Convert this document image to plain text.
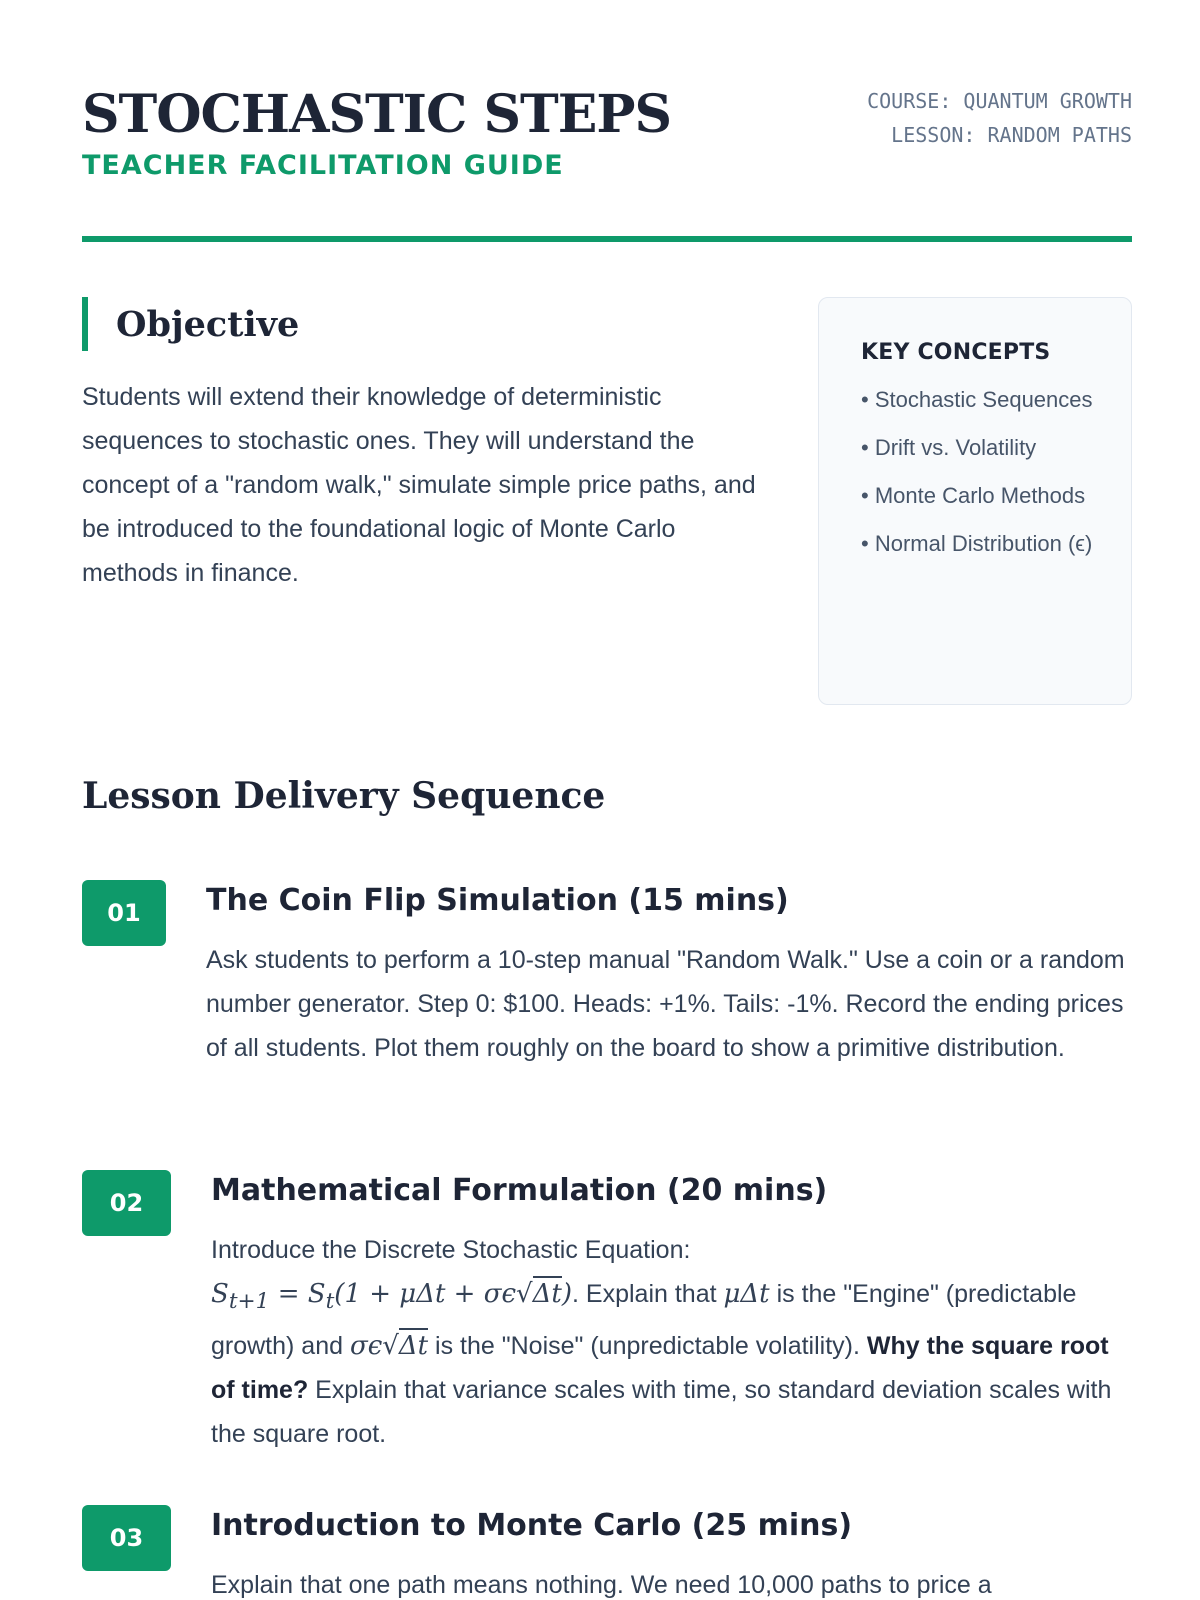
STOCHASTIC STEPS
TEACHER FACILITATION GUIDE
COURSE: QUANTUM GROWTH
LESSON: RANDOM PATHS
Objective

Students will extend their knowledge of deterministic sequences to stochastic ones. They will understand the concept of a "random walk," simulate simple price paths, and be introduced to the foundational logic of Monte Carlo methods in finance.

KEY CONCEPTS
• Stochastic Sequences
• Drift vs. Volatility
• Monte Carlo Methods
• Normal Distribution (ϵ)
Lesson Delivery Sequence
01	The Coin Flip Simulation (15 mins)

Ask students to perform a 10-step manual "Random Walk." Use a coin or a random number generator. Step 0: $100. Heads: +1%. Tails: -1%. Record the ending prices of all students. Plot them roughly on the board to show a primitive distribution.

02	Mathematical Formulation (20 mins)

Introduce the Discrete Stochastic Equation:
$S_{t+1} = S_t(1 + \mu\Delta t + \sigma\epsilon√\Delta t)$. Explain that μΔt is the "Engine" (predictable growth) and σϵ√Δt is the "Noise" (unpredictable volatility). Why the square root of time? Explain that variance scales with time, so standard deviation scales with the square root.

03	Introduction to Monte Carlo (25 mins)

Explain that one path means nothing. We need 10,000 paths to price a
